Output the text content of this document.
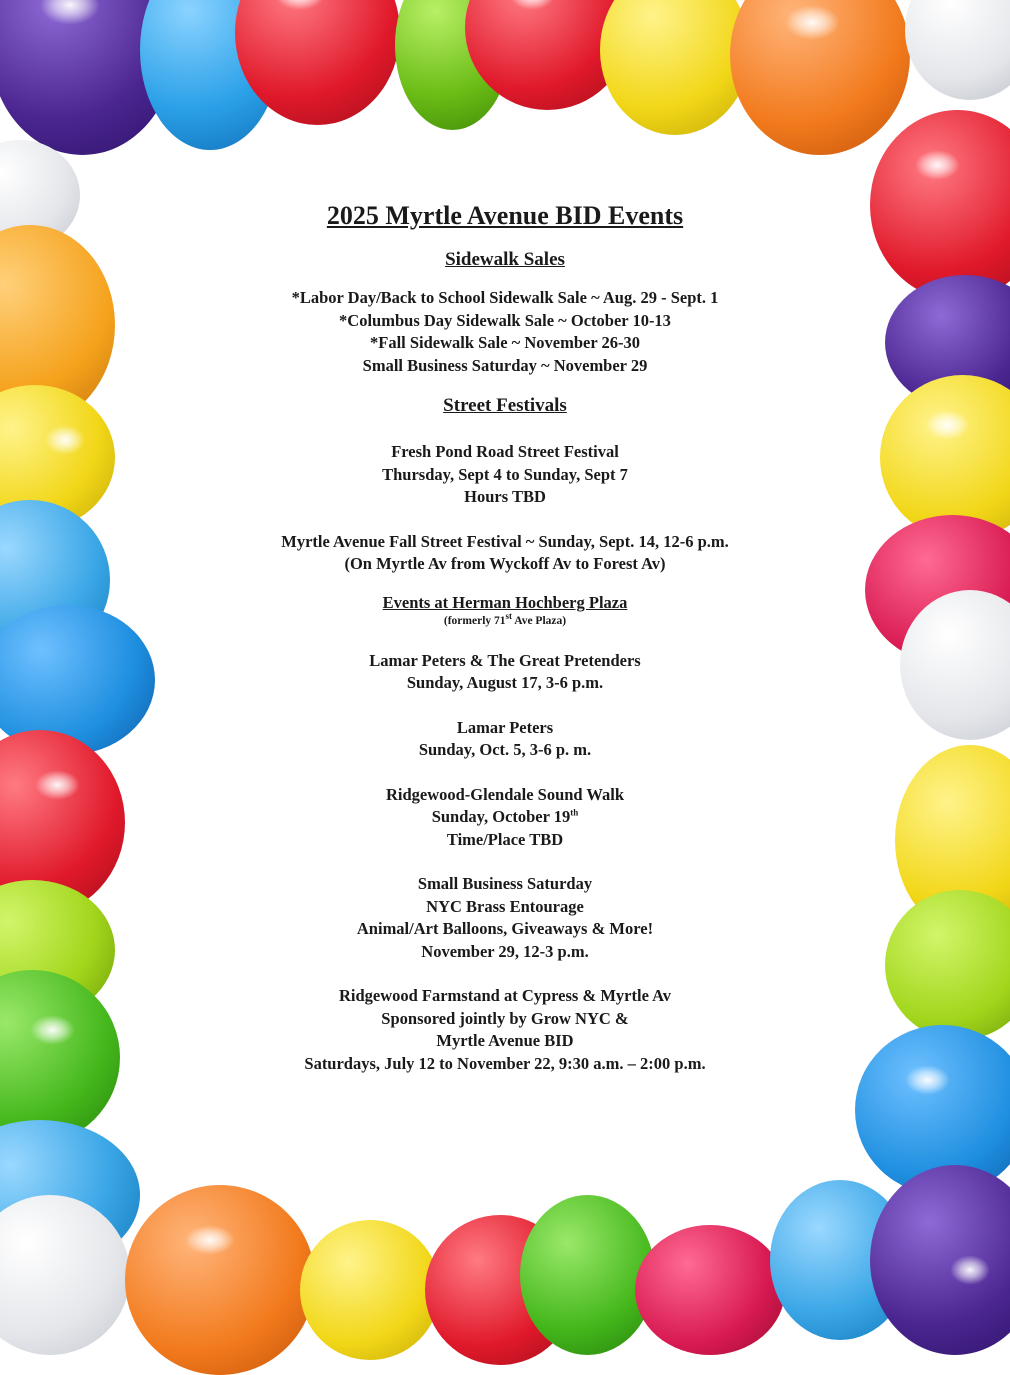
2025 Myrtle Avenue BID Events
Sidewalk Sales
*Labor Day/Back to School Sidewalk Sale ~ Aug. 29 - Sept. 1
*Columbus Day Sidewalk Sale ~ October 10-13
*Fall Sidewalk Sale ~ November 26-30
Small Business Saturday ~ November 29
Street Festivals
Fresh Pond Road Street Festival
Thursday, Sept 4 to Sunday, Sept 7
Hours TBD
Myrtle Avenue Fall Street Festival ~ Sunday, Sept. 14, 12-6 p.m.
(On Myrtle Av from Wyckoff Av to Forest Av)
Events at Herman Hochberg Plaza
(formerly 71st Ave Plaza)
Lamar Peters & The Great Pretenders
Sunday, August 17, 3-6 p.m.
Lamar Peters
Sunday, Oct. 5, 3-6 p. m.
Ridgewood-Glendale Sound Walk
Sunday, October 19th
Time/Place TBD
Small Business Saturday
NYC Brass Entourage
Animal/Art Balloons, Giveaways & More!
November 29, 12-3 p.m.
Ridgewood Farmstand at Cypress & Myrtle Av
Sponsored jointly by Grow NYC &
Myrtle Avenue BID
Saturdays, July 12 to November 22, 9:30 a.m. – 2:00 p.m.
